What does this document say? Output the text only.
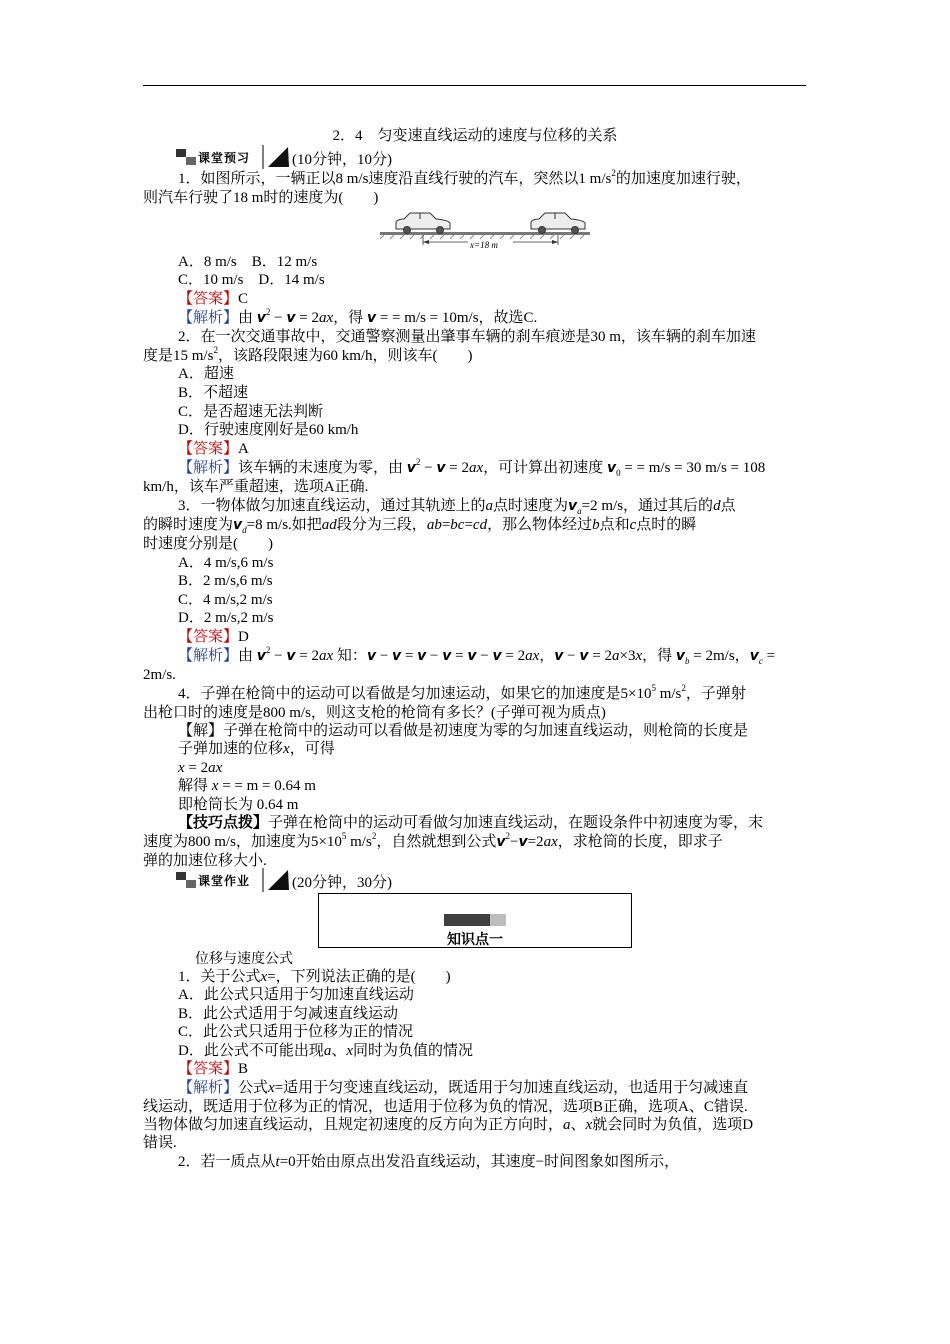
2．4　匀变速直线运动的速度与位移的关系
课堂预习	(10分钟，10分)
1．如图所示，一辆正以8 m/s速度沿直线行驶的汽车，突然以1 $m/s^2$的加速度加速行驶，
则汽车行驶了18 m时的速度为(　　)
x=18 m
A．8 m/s　B．12 m/s
C．10 m/s　D．14 m/s
【答案】C
【解析】由 $v^2 - v = 2ax$，得 v = = m/s = 10m/s，故选C.
2．在一次交通事故中，交通警察测量出肇事车辆的刹车痕迹是30 m，该车辆的刹车加速
度是15 $m/s^2$，该路段限速为60 km/h，则该车(　　)
A．超速
B．不超速
C．是否超速无法判断
D．行驶速度刚好是60 km/h
【答案】A
【解析】该车辆的末速度为零，由 $v^2 - v = 2ax$，可计算出初速度 $v_0$ = = m/s = 30 m/s = 108
km/h，该车严重超速，选项A正确.
3．一物体做匀加速直线运动，通过其轨迹上的a点时速度为$v_a=2$ m/s，通过其后的d点
的瞬时速度为$v_d=8$ m/s.如把ad段分为三段，ab=bc=cd，那么物体经过b点和c点时的瞬
时速度分别是(　　)
A．4 m/s,6 m/s
B．2 m/s,6 m/s
C．4 m/s,2 m/s
D．2 m/s,2 m/s
【答案】D
【解析】由 $v^2 - v = 2ax$ 知：v − v = v − v = v − v = 2ax，v − v = 2a×3x，得 $v_b = 2m/s$，$v_c$ =
2m/s.
4．子弹在枪筒中的运动可以看做是匀加速运动，如果它的加速度是$5\times 10^5$ $m/s^2$，子弹射
出枪口时的速度是800 m/s，则这支枪的枪筒有多长？(子弹可视为质点)
【解】子弹在枪筒中的运动可以看做是初速度为零的匀加速直线运动，则枪筒的长度是
子弹加速的位移x，可得
x = 2ax
解得 x = = m = 0.64 m
即枪筒长为 0.64 m
【技巧点拨】子弹在枪筒中的运动可看做匀加速直线运动，在题设条件中初速度为零，末
速度为800 m/s，加速度为$5\times 10^5$ $m/s^2$，自然就想到公式$v^2-v=2ax$，求枪筒的长度，即求子
弹的加速位移大小.
课堂作业	(20分钟，30分)
知识点一
位移与速度公式
1．关于公式x=，下列说法正确的是(　　)
A．此公式只适用于匀加速直线运动
B．此公式适用于匀减速直线运动
C．此公式只适用于位移为正的情况
D．此公式不可能出现a、x同时为负值的情况
【答案】B
【解析】公式x=适用于匀变速直线运动，既适用于匀加速直线运动，也适用于匀减速直
线运动，既适用于位移为正的情况，也适用于位移为负的情况，选项B正确，选项A、C错误.
当物体做匀加速直线运动，且规定初速度的反方向为正方向时，a、x就会同时为负值，选项D
错误.
2．若一质点从t=0开始由原点出发沿直线运动，其速度−时间图象如图所示，
